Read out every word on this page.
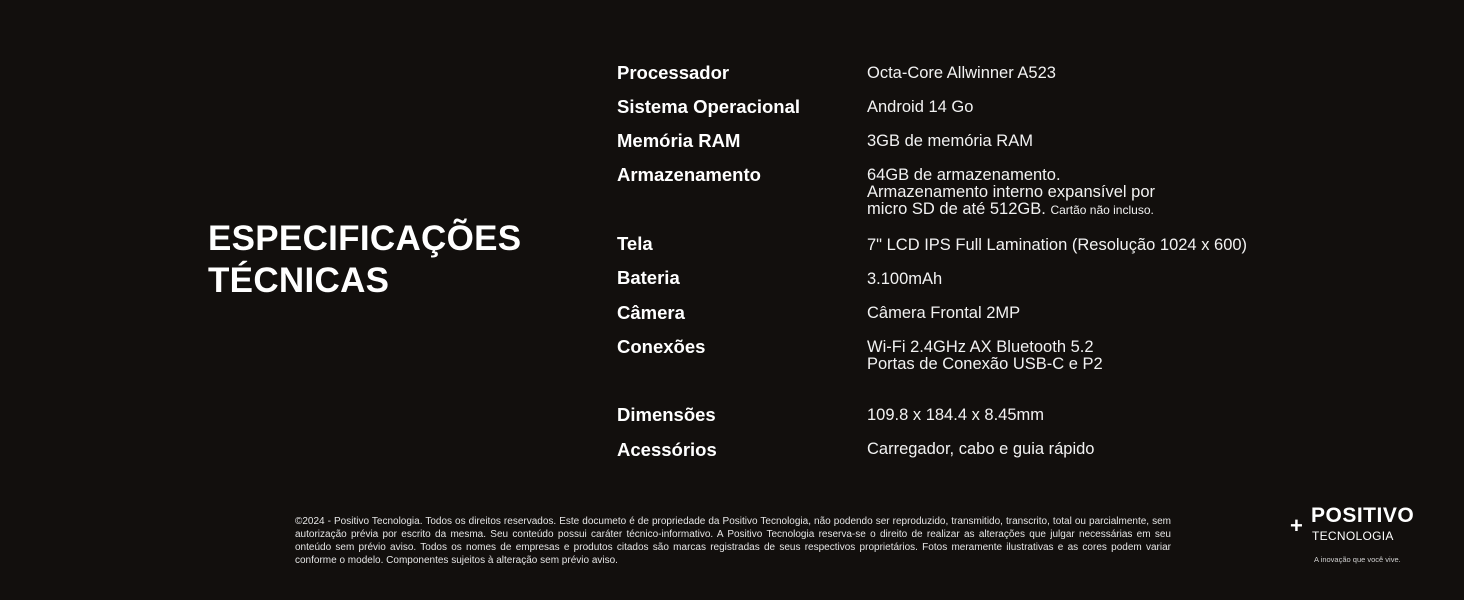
ESPECIFICAÇÕES
TÉCNICAS
Processador	Octa-Core Allwinner A523
Sistema Operacional	Android 14 Go
Memória RAM	3GB de memória RAM
Armazenamento	64GB de armazenamento.
Armazenamento interno expansível por
micro SD de até 512GB. Cartão não incluso.
Tela	7" LCD IPS Full Lamination (Resolução 1024 x 600)
Bateria	3.100mAh
Câmera	Câmera Frontal 2MP
Conexões	Wi-Fi 2.4GHz AX Bluetooth 5.2
Portas de Conexão USB-C e P2
Dimensões	109.8 x 184.4 x 8.45mm
Acessórios	Carregador, cabo e guia rápido
©2024 - Positivo Tecnologia. Todos os direitos reservados. Este documeto é de propriedade da Positivo Tecnologia, não podendo ser reproduzido, transmitido, transcrito, total ou parcialmente, sem autorização prévia por escrito da mesma. Seu conteúdo possui caráter técnico-informativo. A Positivo Tecnologia reserva-se o direito de realizar as alterações que julgar necessárias em seu onteúdo sem prévio aviso. Todos os nomes de empresas e produtos citados são marcas registradas de seus respectivos proprietários. Fotos meramente ilustrativas e as cores podem variar conforme o modelo. Componentes sujeitos à alteração sem prévio aviso.
+ POSITIVO
TECNOLOGIA
A inovação que você vive.
